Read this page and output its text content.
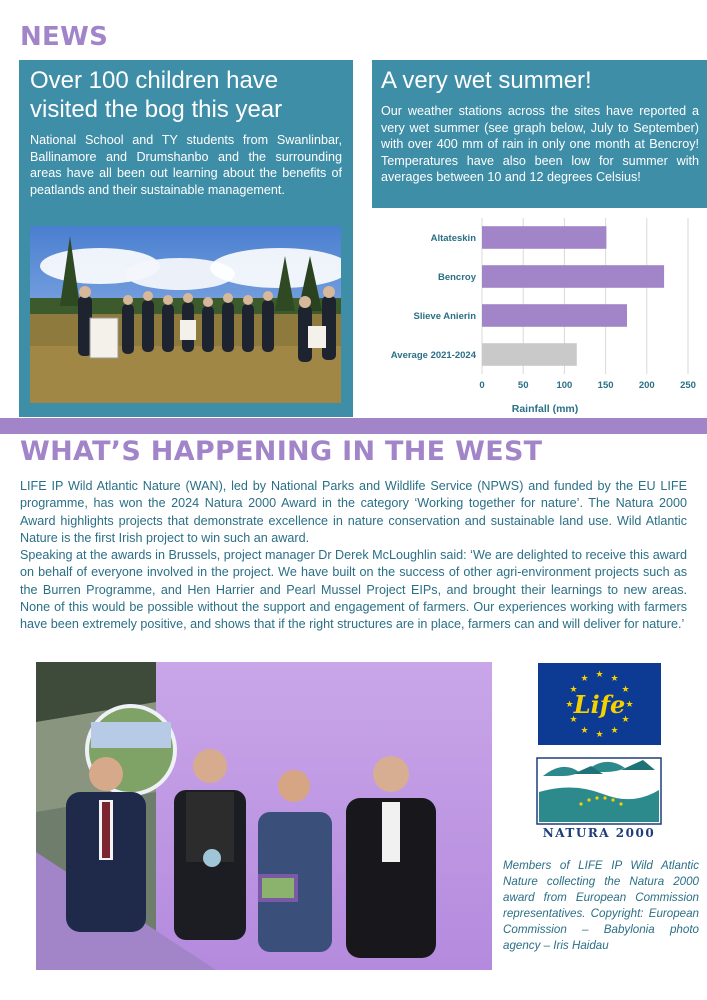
NEWS
Over 100 children have visited the bog this year

National School and TY students from Swanlinbar, Ballinamore and Drumshanbo and the surrounding areas have all been out learning about the benefits of peatlands and their sustainable management.

A very wet summer!

Our weather stations across the sites have reported a very wet summer (see graph below, July to September) with over 400 mm of rain in only one month at Bencroy! Temperatures have also been low for summer with averages between 10 and 12 degrees Celsius!

0	50	100	150	200	250
Altateskin
Bencroy
Slieve Anierin
Average 2021-2024
Rainfall (mm)
WHAT’S HAPPENING IN THE WEST

LIFE IP Wild Atlantic Nature (WAN), led by National Parks and Wildlife Service (NPWS) and funded by the EU LIFE programme, has won the 2024 Natura 2000 Award in the category ‘Working together for nature’. The Natura 2000 Award highlights projects that demonstrate excellence in nature conservation and sustainable land use. Wild Atlantic Nature is the first Irish project to win such an award.

Speaking at the awards in Brussels, project manager Dr Derek McLoughlin said: ‘We are delighted to receive this award on behalf of everyone involved in the project. We have built on the success of other agri-environment projects such as the Burren Programme, and Hen Harrier and Pearl Mussel Project EIPs, and brought their learnings to new areas. None of this would be possible without the support and engagement of farmers. Our experiences working with farmers have been extremely positive, and shows that if the right structures are in place, farmers can and will deliver for nature.’

★
★
★
★
★
★
★
★
★ ★ ★
★
Life
NATURA 2000

Members of LIFE IP Wild Atlantic Nature collecting the Natura 2000 award from European Commission representatives. Copyright: European Commission – Babylonia photo agency – Iris Haidau
